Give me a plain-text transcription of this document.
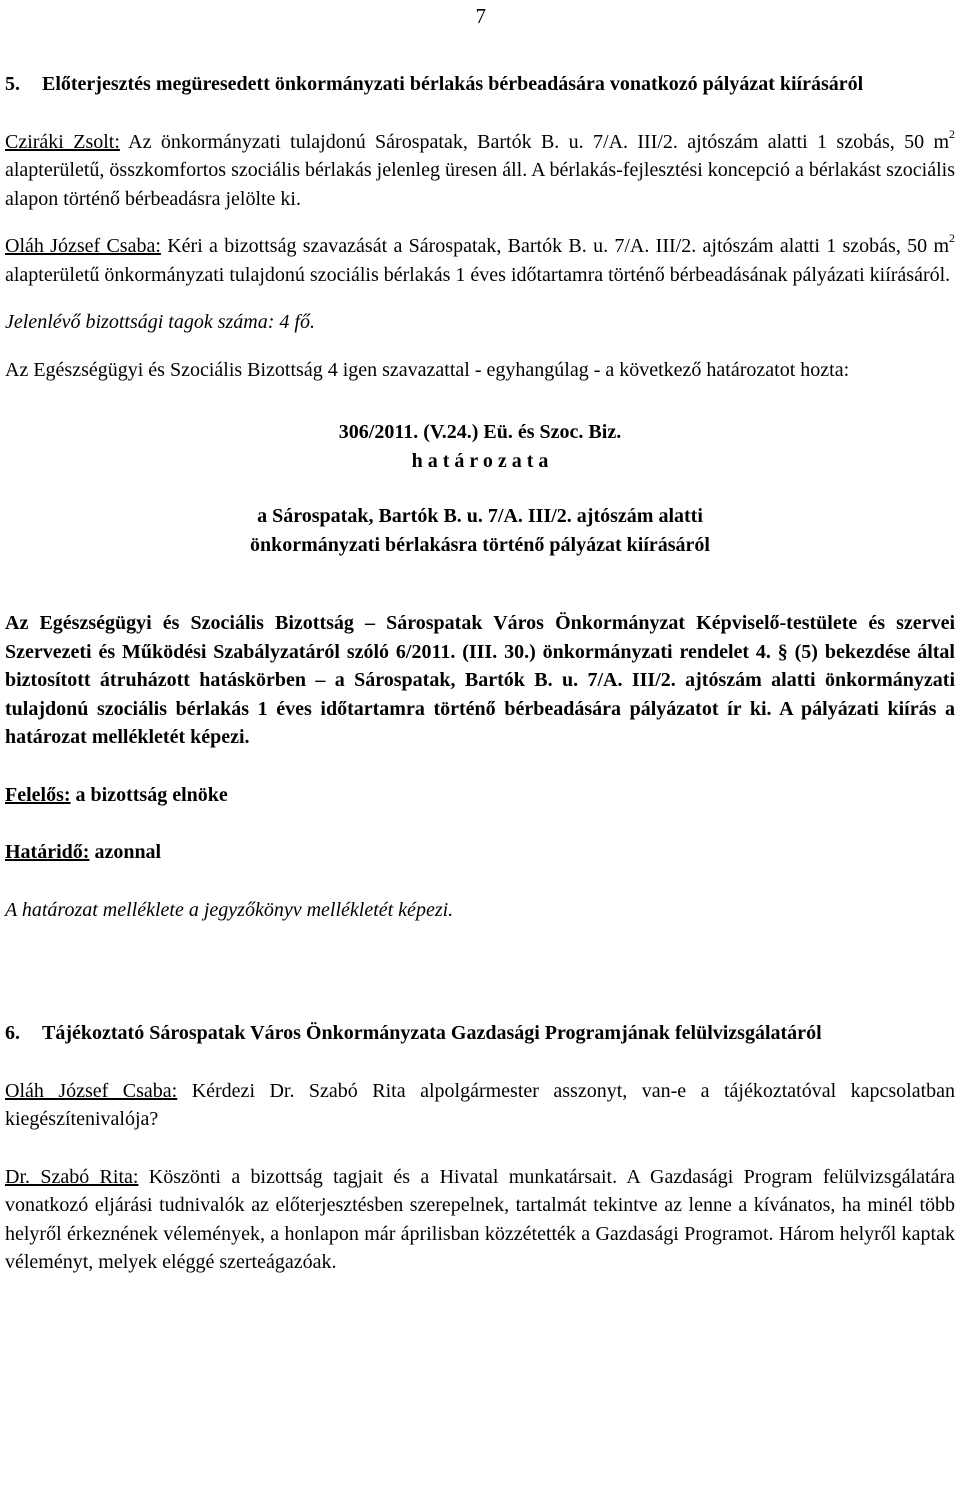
7
5.	Előterjesztés megüresedett önkormányzati bérlakás bérbeadására vonatkozó pályázat kiírásáról

Cziráki Zsolt: Az önkormányzati tulajdonú Sárospatak, Bartók B. u. 7/A. III/2. ajtószám alatti 1 szobás, 50 $m^2$ alapterületű, összkomfortos szociális bérlakás jelenleg üresen áll. A bérlakás-fejlesztési koncepció a bérlakást szociális alapon történő bérbeadásra jelölte ki.

Oláh József Csaba: Kéri a bizottság szavazását a Sárospatak, Bartók B. u. 7/A. III/2. ajtószám alatti 1 szobás, 50 $m^2$ alapterületű önkormányzati tulajdonú szociális bérlakás 1 éves időtartamra történő bérbeadásának pályázati kiírásáról.

Jelenlévő bizottsági tagok száma: 4 fő.

Az Egészségügyi és Szociális Bizottság 4 igen szavazattal - egyhangúlag - a következő határozatot hozta:

306/2011. (V.24.) Eü. és Szoc. Biz.

h a t á r o z a t a

a Sárospatak, Bartók B. u. 7/A. III/2. ajtószám alatti

önkormányzati bérlakásra történő pályázat kiírásáról

Az Egészségügyi és Szociális Bizottság – Sárospatak Város Önkormányzat Képviselő-testülete és szervei Szervezeti és Működési Szabályzatáról szóló 6/2011. (III. 30.) önkormányzati rendelet 4. § (5) bekezdése által biztosított átruházott hatáskörben – a Sárospatak, Bartók B. u. 7/A. III/2. ajtószám alatti önkormányzati tulajdonú szociális bérlakás 1 éves időtartamra történő bérbeadására pályázatot ír ki. A pályázati kiírás a határozat mellékletét képezi.

Felelős: a bizottság elnöke

Határidő: azonnal

A határozat melléklete a jegyzőkönyv mellékletét képezi.

6.	Tájékoztató Sárospatak Város Önkormányzata Gazdasági Programjának felülvizsgálatáról

Oláh József Csaba: Kérdezi Dr. Szabó Rita alpolgármester asszonyt, van-e a tájékoztatóval kapcsolatban kiegészítenivalója?

Dr. Szabó Rita: Köszönti a bizottság tagjait és a Hivatal munkatársait. A Gazdasági Program felülvizsgálatára vonatkozó eljárási tudnivalók az előterjesztésben szerepelnek, tartalmát tekintve az lenne a kívánatos, ha minél több helyről érkeznének vélemények, a honlapon már áprilisban közzétették a Gazdasági Programot. Három helyről kaptak véleményt, melyek eléggé szerteágazóak.
